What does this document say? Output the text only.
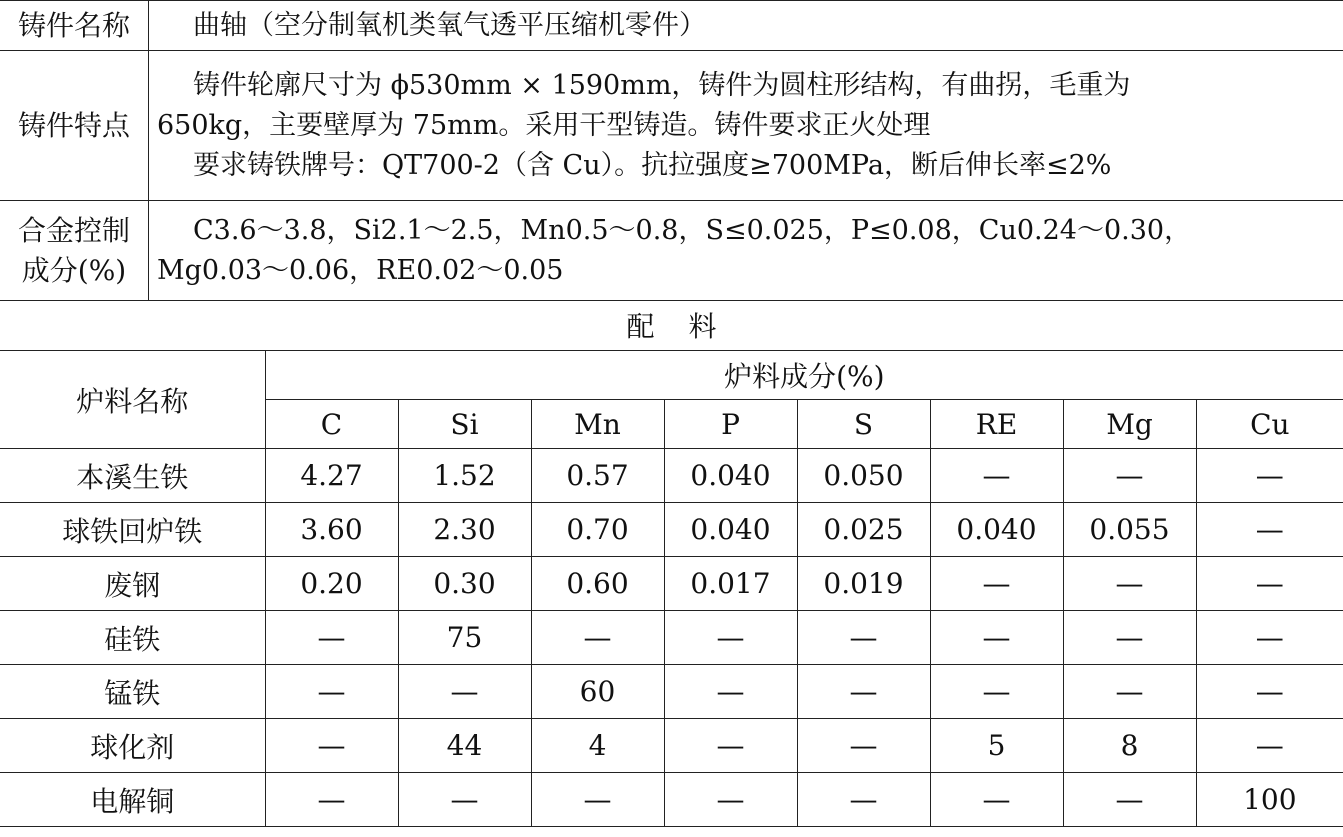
铸件名称	曲轴（空分制氧机类氧气透平压缩机零件）

铸件特点	铸件轮廓尺寸为 ϕ530mm × 1590mm，铸件为圆柱形结构，有曲拐，毛重为
650kg，主要壁厚为 75mm。采用干型铸造。铸件要求正火处理
要求铸铁牌号：QT700-2（含 Cu）。抗拉强度≥700MPa，断后伸长率≤2%

合金控制
成分(%)	C3.6～3.8，Si2.1～2.5，Mn0.5～0.8，S≤0.025，P≤0.08，Cu0.24～0.30，
Mg0.03～0.06，RE0.02～0.05
配料
炉料名称	炉料成分(%)							
	C	Si	Mn	P	S	RE	Mg	Cu
本溪生铁	4.27	1.52	0.57	0.040	0.050	—	—	—
球铁回炉铁	3.60	2.30	0.70	0.040	0.025	0.040	0.055	—
废钢	0.20	0.30	0.60	0.017	0.019	—	—	—
硅铁	—	75	—	—	—	—	—	—
锰铁	—	—	60	—	—	—	—	—
球化剂	—	44	4	—	—	5	8	—
电解铜	—	—	—	—	—	—	—	100
